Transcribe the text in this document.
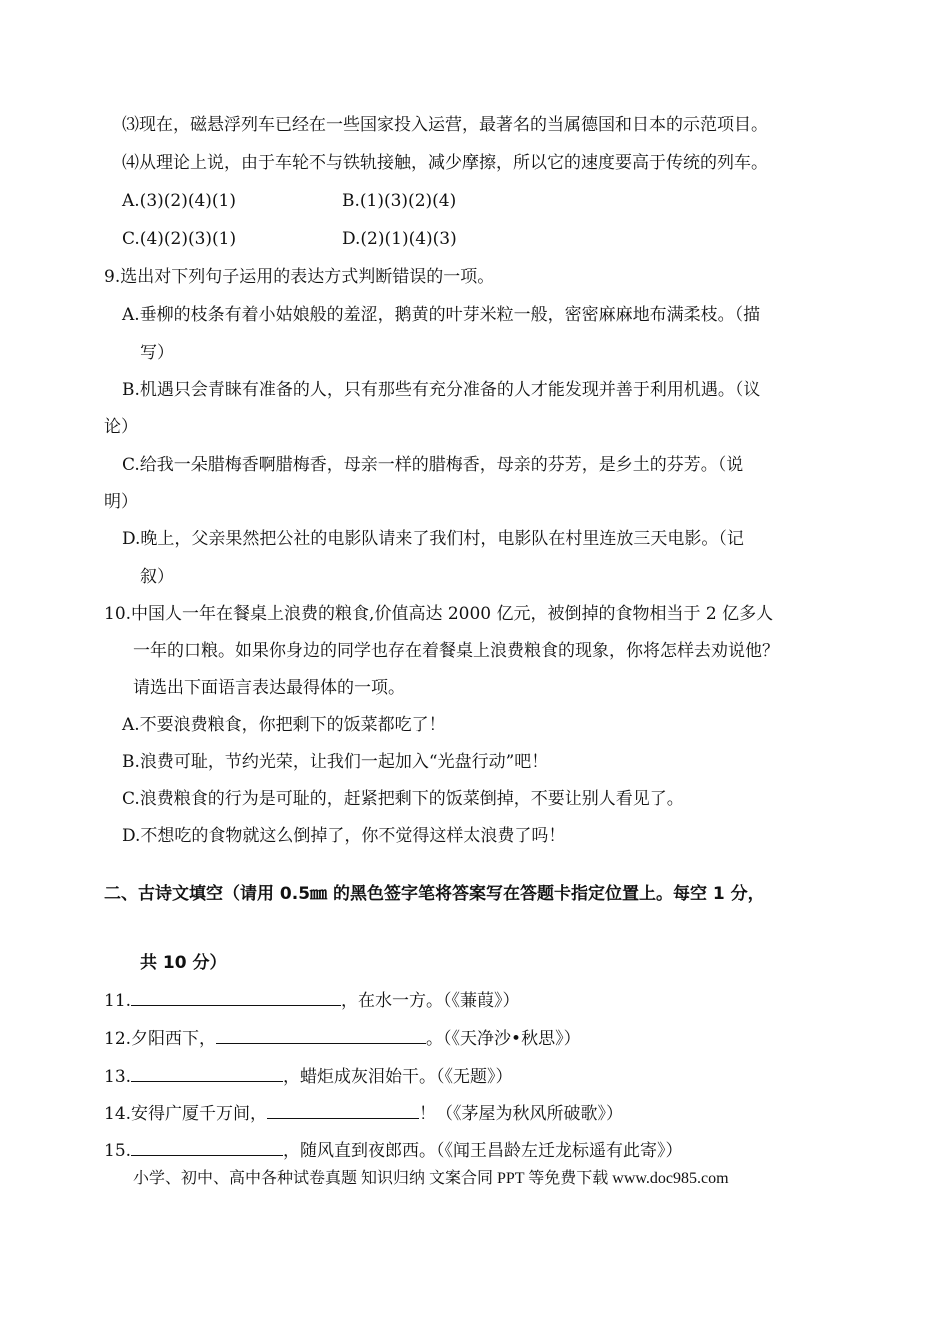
⑶现在，磁悬浮列车已经在一些国家投入运营，最著名的当属德国和日本的示范项目。
⑷从理论上说，由于车轮不与铁轨接触，减少摩擦，所以它的速度要高于传统的列车。
A.(3)(2)(4)(1)	B.(1)(3)(2)(4)
C.(4)(2)(3)(1)	D.(2)(1)(4)(3)
9.选出对下列句子运用的表达方式判断错误的一项。
A.垂柳的枝条有着小姑娘般的羞涩，鹅黄的叶芽米粒一般，密密麻麻地布满柔枝。（描
写）
B.机遇只会青睐有准备的人，只有那些有充分准备的人才能发现并善于利用机遇。（议
论）
C.给我一朵腊梅香啊腊梅香，母亲一样的腊梅香，母亲的芬芳，是乡土的芬芳。（说
明）
D.晚上，父亲果然把公社的电影队请来了我们村，电影队在村里连放三天电影。（记
叙）
10.中国人一年在餐桌上浪费的粮食,价值高达 2000 亿元，被倒掉的食物相当于 2 亿多人
一年的口粮。如果你身边的同学也存在着餐桌上浪费粮食的现象，你将怎样去劝说他？
请选出下面语言表达最得体的一项。
A.不要浪费粮食，你把剩下的饭菜都吃了！
B.浪费可耻，节约光荣，让我们一起加入“光盘行动”吧！
C.浪费粮食的行为是可耻的，赶紧把剩下的饭菜倒掉，不要让别人看见了。
D.不想吃的食物就这么倒掉了，你不觉得这样太浪费了吗！
二、古诗文填空（请用 0.5㎜ 的黑色签字笔将答案写在答题卡指定位置上。每空 1 分，
共 10 分）
11.	，在水一方。（《蒹葭》）
12.夕阳西下，	。（《天净沙•秋思》）
13.	，蜡炬成灰泪始干。（《无题》）
14.安得广厦千万间，	！（《茅屋为秋风所破歌》）
15.	，随风直到夜郎西。（《闻王昌龄左迁龙标遥有此寄》）
小学、初中、高中各种试卷真题 知识归纳 文案合同 PPT 等免费下载 www.doc985.com
